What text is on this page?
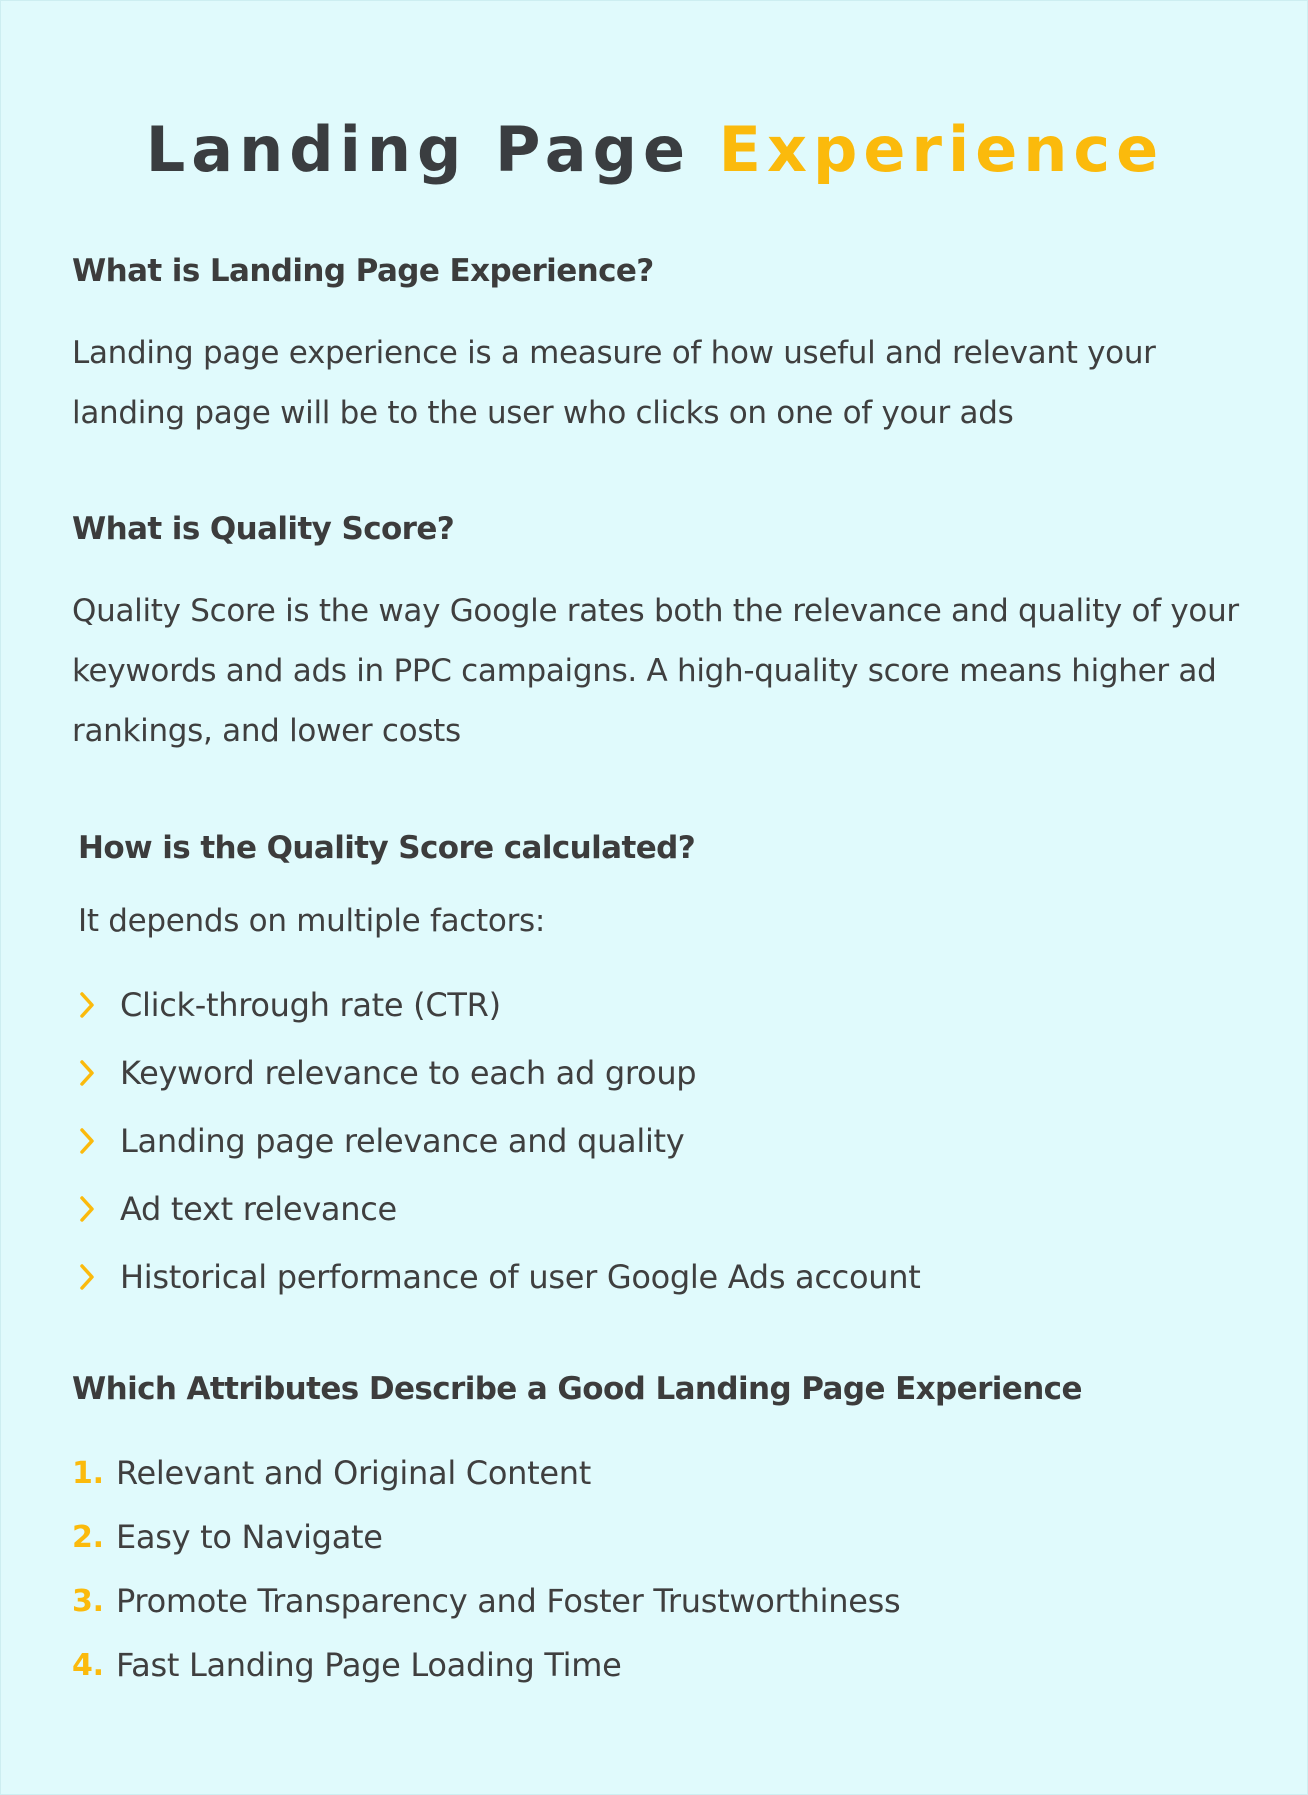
Landing Page Experience
What is Landing Page Experience?
Landing page experience is a measure of how useful and relevant your landing page will be to the user who clicks on one of your ads
What is Quality Score?
Quality Score is the way Google rates both the relevance and quality of your keywords and ads in PPC campaigns. A high-quality score means higher ad rankings, and lower costs
How is the Quality Score calculated?
It depends on multiple factors:
Click-through rate (CTR)
Keyword relevance to each ad group
Landing page relevance and quality
Ad text relevance
Historical performance of user Google Ads account
Which Attributes Describe a Good Landing Page Experience
1. Relevant and Original Content
2. Easy to Navigate
3. Promote Transparency and Foster Trustworthiness
4. Fast Landing Page Loading Time
